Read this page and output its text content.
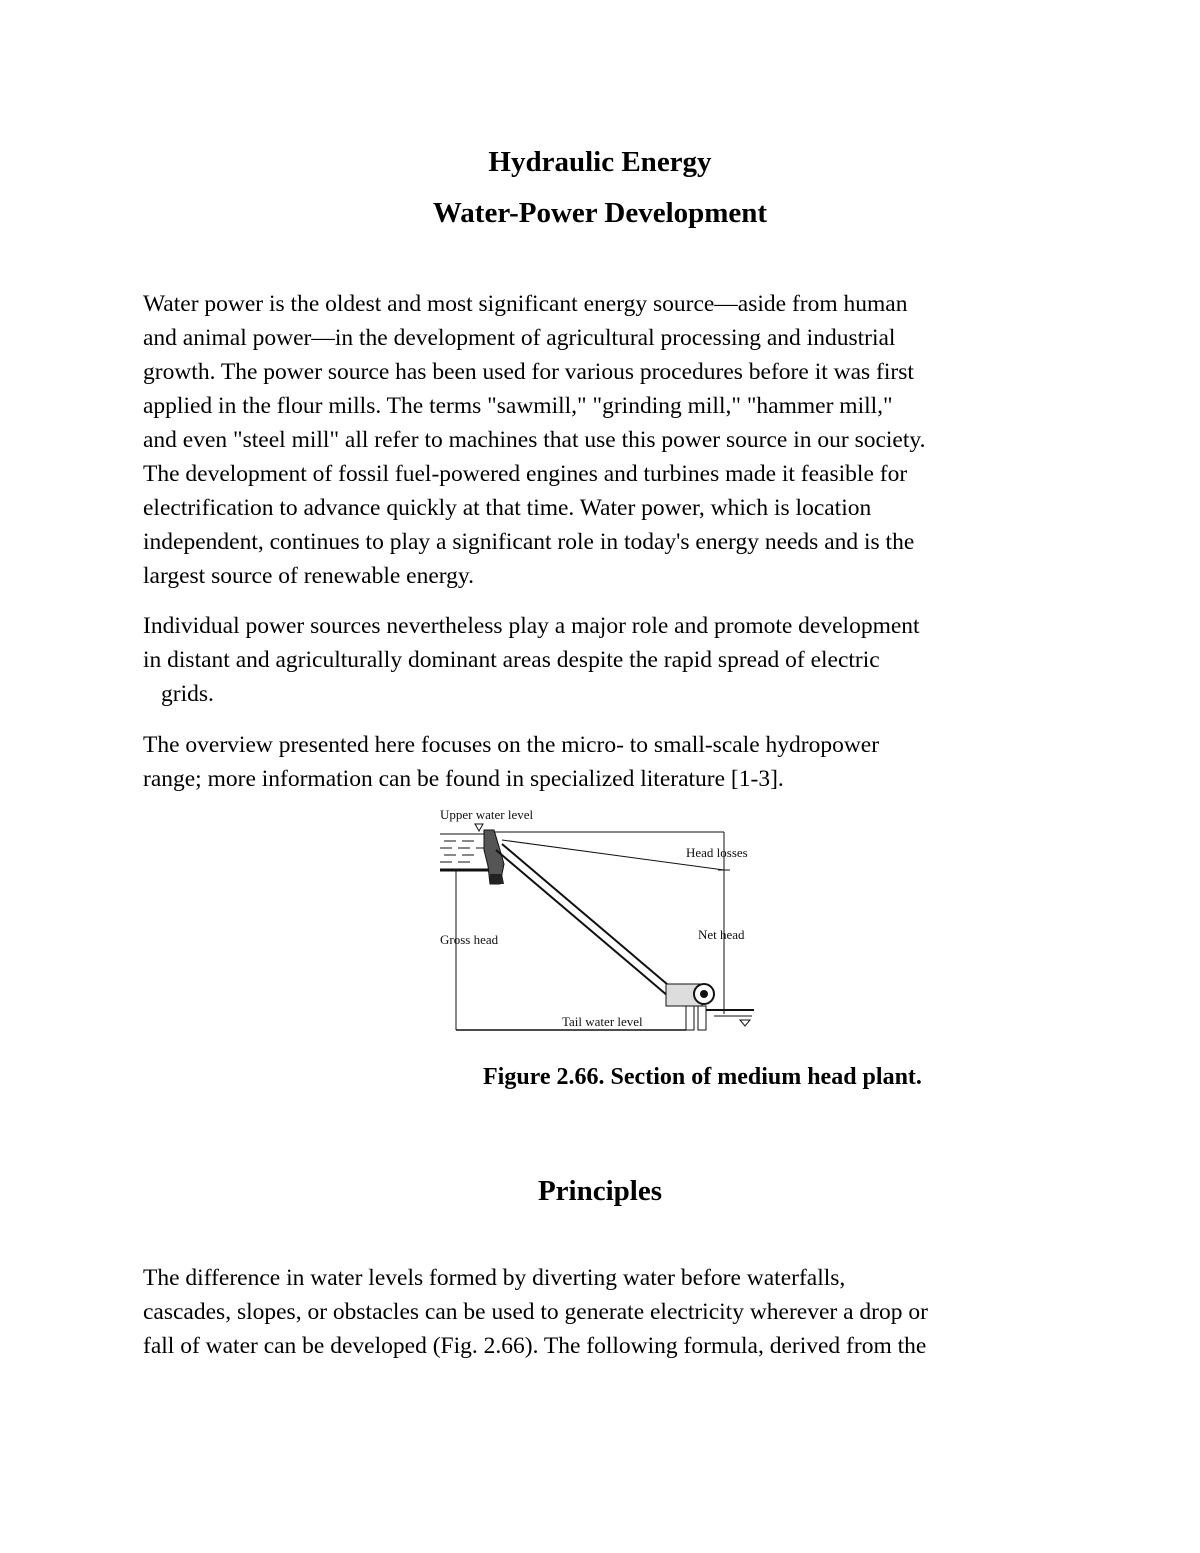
Hydraulic Energy
Water-Power Development

Water power is the oldest and most significant energy source—aside from human
and animal power—in the development of agricultural processing and industrial
growth. The power source has been used for various procedures before it was first
applied in the flour mills. The terms "sawmill," "grinding mill," "hammer mill,"
and even "steel mill" all refer to machines that use this power source in our society.
The development of fossil fuel-powered engines and turbines made it feasible for
electrification to advance quickly at that time. Water power, which is location
independent, continues to play a significant role in today's energy needs and is the
largest source of renewable energy.

Individual power sources nevertheless play a major role and promote development
in distant and agriculturally dominant areas despite the rapid spread of electric
grids.

The overview presented here focuses on the micro- to small-scale hydropower
range; more information can be found in specialized literature [1-3].

Upper water level
Head losses
Gross head	Net head
Tail water level

Figure 2.66. Section of medium head plant.

Principles

The difference in water levels formed by diverting water before waterfalls,
cascades, slopes, or obstacles can be used to generate electricity wherever a drop or
fall of water can be developed (Fig. 2.66). The following formula, derived from the
